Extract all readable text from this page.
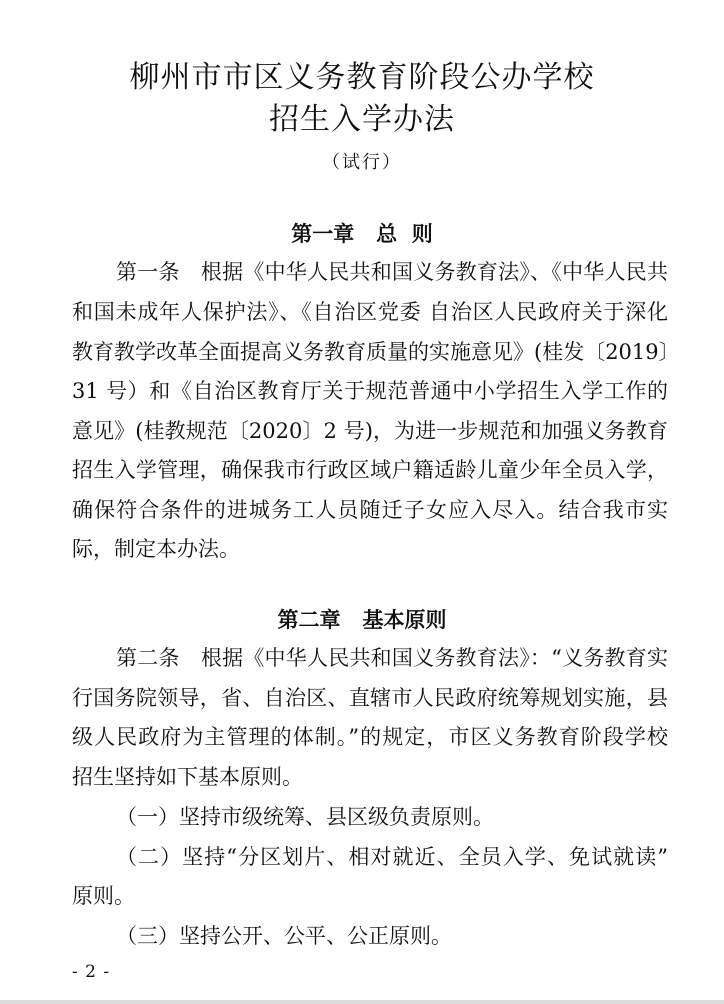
柳州市市区义务教育阶段公办学校
招生入学办法
（试行）
第一章   总  则
第一条　根据《中华人民共和国义务教育法》、《中华人民共
和国未成年人保护法》、《自治区党委 自治区人民政府关于深化
教育教学改革全面提高义务教育质量的实施意见》(桂发〔2019〕
31 号）和《自治区教育厅关于规范普通中小学招生入学工作的
意见》(桂教规范〔2020〕2 号)，为进一步规范和加强义务教育
招生入学管理，确保我市行政区域户籍适龄儿童少年全员入学，
确保符合条件的进城务工人员随迁子女应入尽入。结合我市实
际，制定本办法。
第二章   基本原则
第二条　根据《中华人民共和国义务教育法》：“义务教育实
行国务院领导，省、自治区、直辖市人民政府统筹规划实施，县
级人民政府为主管理的体制。”的规定，市区义务教育阶段学校
招生坚持如下基本原则。
（一）坚持市级统筹、县区级负责原则。
（二）坚持“分区划片、相对就近、全员入学、免试就读”
原则。
（三）坚持公开、公平、公正原则。
- 2 -
